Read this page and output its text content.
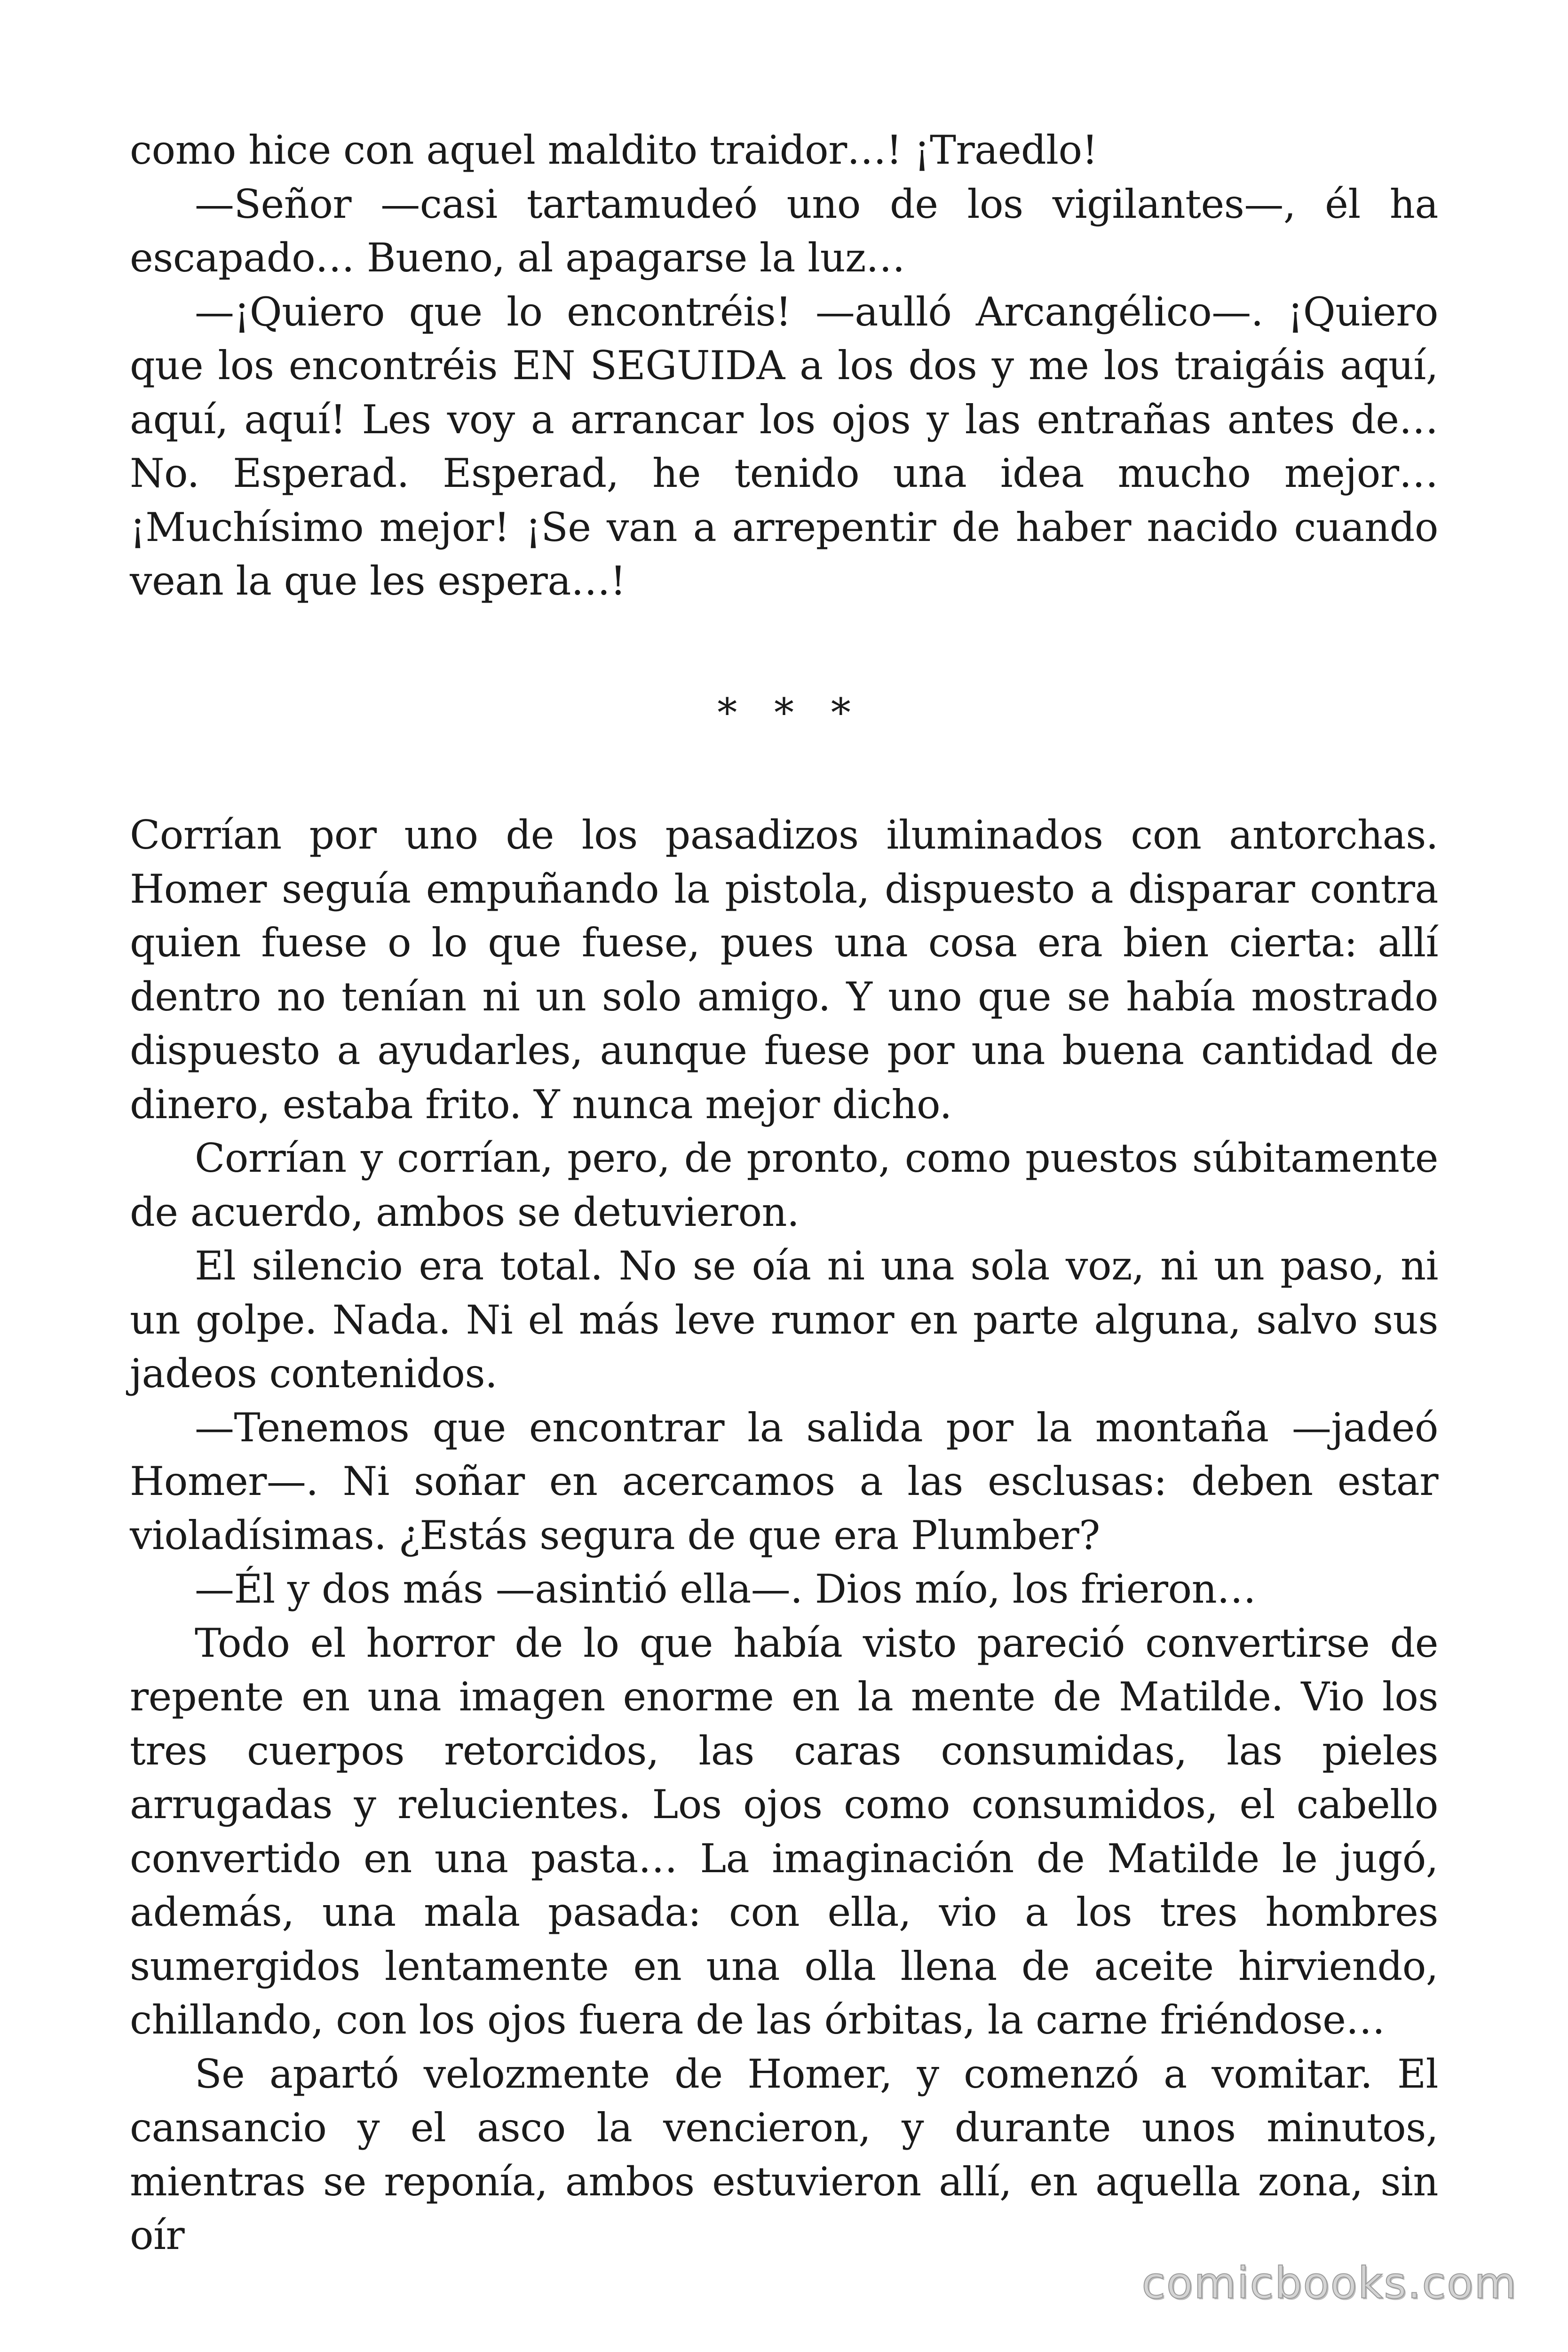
como hice con aquel maldito traidor…! ¡Traedlo!

—Señor —casi tartamudeó uno de los vigilantes—, él ha escapado… Bueno, al apagarse la luz…

—¡Quiero que lo encontréis! —aulló Arcangélico—. ¡Quiero que los encontréis EN SEGUIDA a los dos y me los traigáis aquí, aquí, aquí! Les voy a arrancar los ojos y las entrañas antes de… No. Esperad. Esperad, he tenido una idea mucho mejor… ¡Muchísimo mejor! ¡Se van a arrepentir de haber nacido cuando vean la que les espera…!

* * *

Corrían por uno de los pasadizos iluminados con antorchas. Homer seguía empuñando la pistola, dispuesto a disparar contra quien fuese o lo que fuese, pues una cosa era bien cierta: allí dentro no tenían ni un solo amigo. Y uno que se había mostrado dispuesto a ayudarles, aunque fuese por una buena cantidad de dinero, estaba frito. Y nunca mejor dicho.

Corrían y corrían, pero, de pronto, como puestos súbitamente de acuerdo, ambos se detuvieron.

El silencio era total. No se oía ni una sola voz, ni un paso, ni un golpe. Nada. Ni el más leve rumor en parte alguna, salvo sus jadeos contenidos.

—Tenemos que encontrar la salida por la montaña —jadeó Homer—. Ni soñar en acercamos a las esclusas: deben estar violadísimas. ¿Estás segura de que era Plumber?

—Él y dos más —asintió ella—. Dios mío, los frieron…

Todo el horror de lo que había visto pareció convertirse de repente en una imagen enorme en la mente de Matilde. Vio los tres cuerpos retorcidos, las caras consumidas, las pieles arrugadas y relucientes. Los ojos como consumidos, el cabello convertido en una pasta… La imaginación de Matilde le jugó, además, una mala pasada: con ella, vio a los tres hombres sumergidos lentamente en una olla llena de aceite hirviendo, chillando, con los ojos fuera de las órbitas, la carne friéndose…

Se apartó velozmente de Homer, y comenzó a vomitar. El cansancio y el asco la vencieron, y durante unos minutos, mientras se reponía, ambos estuvieron allí, en aquella zona, sin oír

comicbooks.com
